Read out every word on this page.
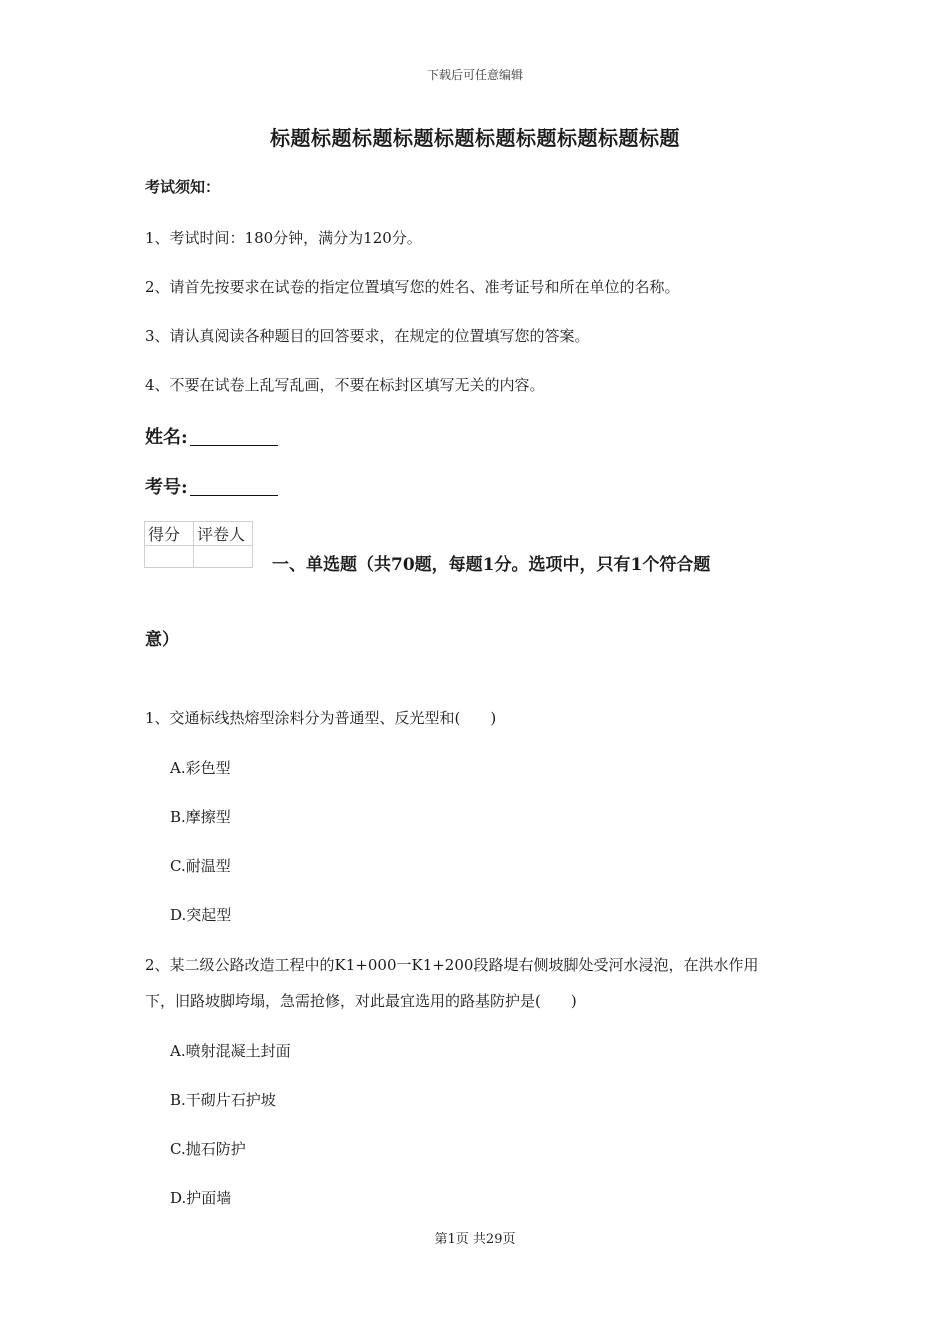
下载后可任意编辑
标题标题标题标题标题标题标题标题标题标题
考试须知：
1、考试时间：180分钟，满分为120分。
2、请首先按要求在试卷的指定位置填写您的姓名、准考证号和所在单位的名称。
3、请认真阅读各种题目的回答要求，在规定的位置填写您的答案。
4、不要在试卷上乱写乱画，不要在标封区填写无关的内容。
姓名:
考号:
得分	评卷人

一、单选题（共70题，每题1分。选项中，只有1个符合题
意）
1、交通标线热熔型涂料分为普通型、反光型和(　　)
A.彩色型
B.摩擦型
C.耐温型
D.突起型
2、某二级公路改造工程中的K1+000一K1+200段路堤右侧坡脚处受河水浸泡，在洪水作用
下，旧路坡脚垮塌，急需抢修，对此最宜选用的路基防护是(　　)
A.喷射混凝土封面
B.干砌片石护坡
C.抛石防护
D.护面墙
第1页 共29页
